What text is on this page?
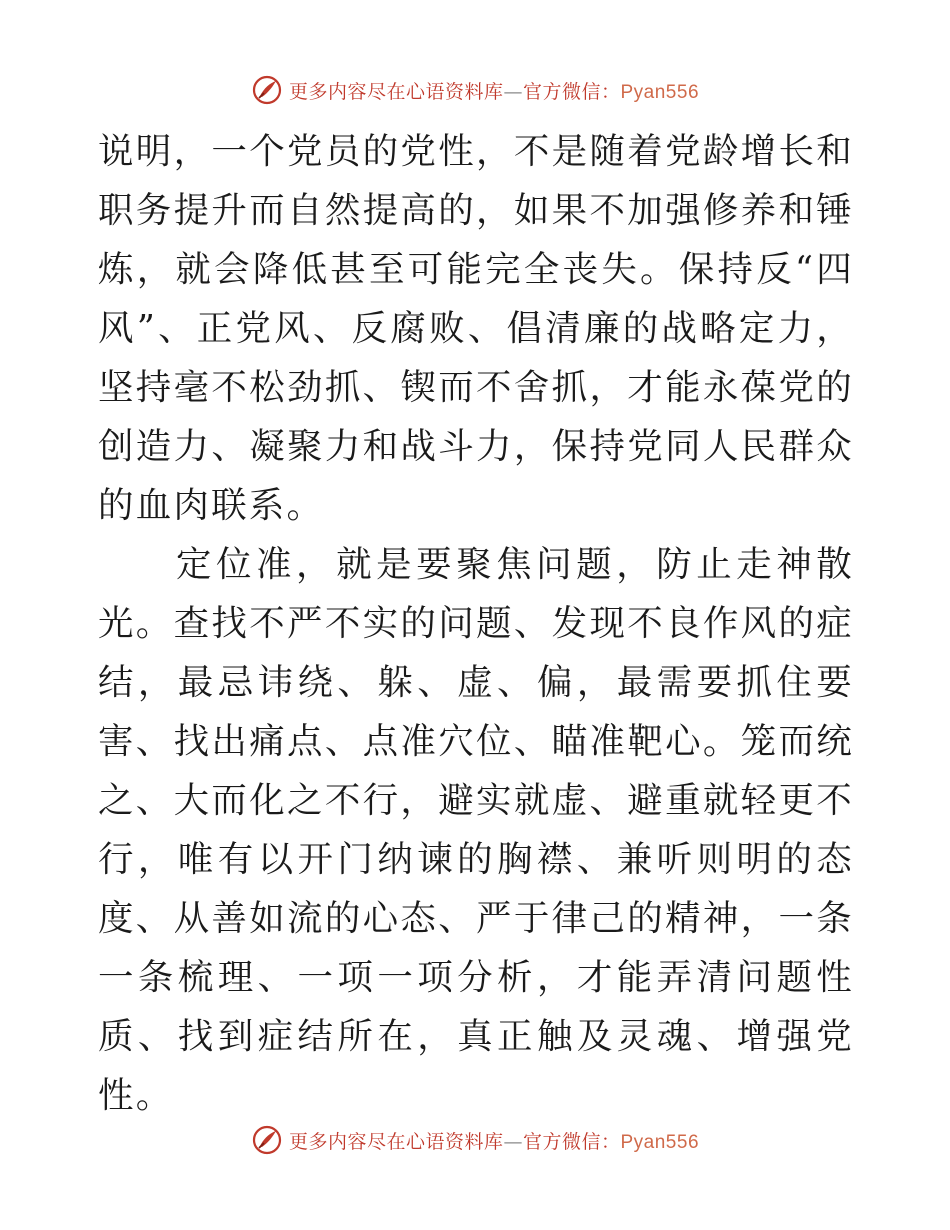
更多内容尽在心语资料库—官方微信：Pyan556

说明，一个党员的党性，不是随着党龄增长和职务提升而自然提高的，如果不加强修养和锤炼，就会降低甚至可能完全丧失。保持反“四风”、正党风、反腐败、倡清廉的战略定力，坚持毫不松劲抓、锲而不舍抓，才能永葆党的创造力、凝聚力和战斗力，保持党同人民群众的血肉联系。

定位准，就是要聚焦问题，防止走神散光。查找不严不实的问题、发现不良作风的症结，最忌讳绕、躲、虚、偏，最需要抓住要害、找出痛点、点准穴位、瞄准靶心。笼而统之、大而化之不行，避实就虚、避重就轻更不行，唯有以开门纳谏的胸襟、兼听则明的态度、从善如流的心态、严于律己的精神，一条一条梳理、一项一项分析，才能弄清问题性质、找到症结所在，真正触及灵魂、增强党性。

更多内容尽在心语资料库—官方微信：Pyan556
